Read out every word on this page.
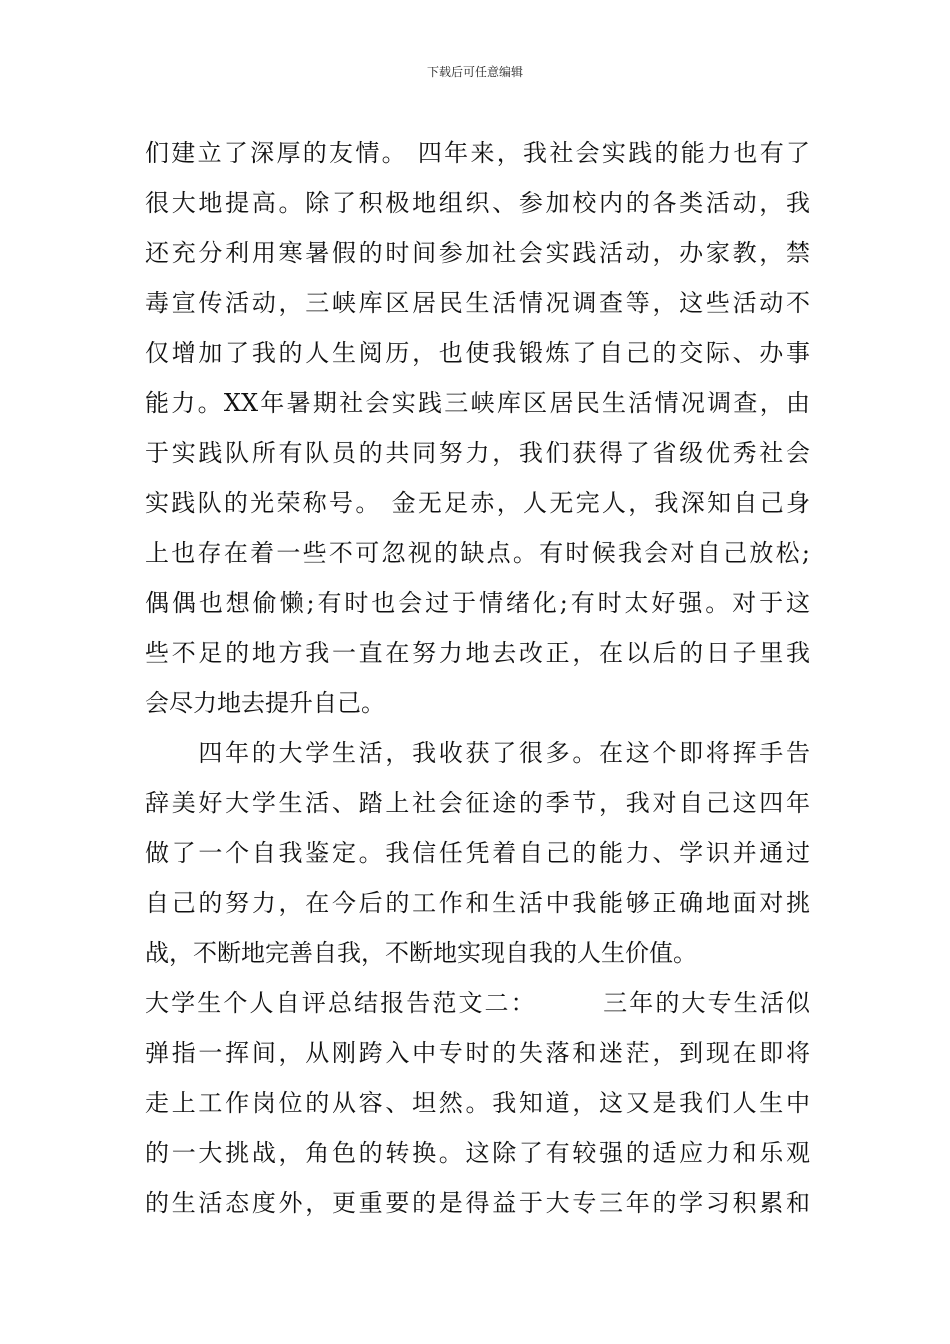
下载后可任意编辑
们建立了深厚的友情。 四年来，我社会实践的能力也有了
很大地提高。除了积极地组织、参加校内的各类活动，我
还充分利用寒暑假的时间参加社会实践活动，办家教，禁
毒宣传活动，三峡库区居民生活情况调查等，这些活动不
仅增加了我的人生阅历，也使我锻炼了自己的交际、办事
能力。XX年暑期社会实践三峡库区居民生活情况调查，由
于实践队所有队员的共同努力，我们获得了省级优秀社会
实践队的光荣称号。 金无足赤，人无完人，我深知自己身
上也存在着一些不可忽视的缺点。有时候我会对自己放松;
偶偶也想偷懒;有时也会过于情绪化;有时太好强。对于这
些不足的地方我一直在努力地去改正，在以后的日子里我
会尽力地去提升自己。
　　四年的大学生活，我收获了很多。在这个即将挥手告
辞美好大学生活、踏上社会征途的季节，我对自己这四年
做了一个自我鉴定。我信任凭着自己的能力、学识并通过
自己的努力，在今后的工作和生活中我能够正确地面对挑
战，不断地完善自我，不断地实现自我的人生价值。
大学生个人自评总结报告范文二：　　　三年的大专生活似
弹指一挥间，从刚跨入中专时的失落和迷茫，到现在即将
走上工作岗位的从容、坦然。我知道，这又是我们人生中
的一大挑战，角色的转换。这除了有较强的适应力和乐观
的生活态度外，更重要的是得益于大专三年的学习积累和
